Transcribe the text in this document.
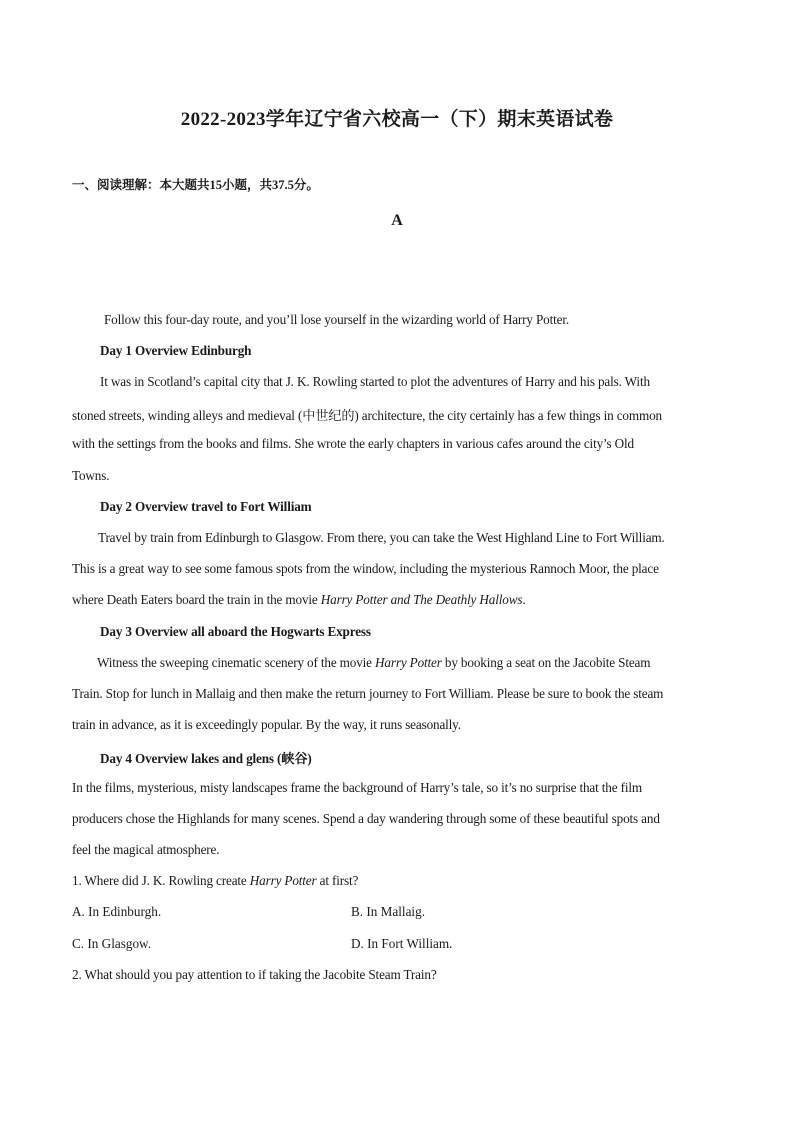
2022-2023学年辽宁省六校高一（下）期末英语试卷
一、阅读理解：本大题共15小题，共37.5分。
A
Follow this four-day route, and you’ll lose yourself in the wizarding world of Harry Potter.
Day 1 Overview Edinburgh
It was in Scotland’s capital city that J. K. Rowling started to plot the adventures of Harry and his pals. With
stoned streets, winding alleys and medieval (中世纪的) architecture, the city certainly has a few things in common
with the settings from the books and films. She wrote the early chapters in various cafes around the city’s Old
Towns.
Day 2 Overview travel to Fort William
Travel by train from Edinburgh to Glasgow. From there, you can take the West Highland Line to Fort William.
This is a great way to see some famous spots from the window, including the mysterious Rannoch Moor, the place
where Death Eaters board the train in the movie Harry Potter and The Deathly Hallows.
Day 3 Overview all aboard the Hogwarts Express
Witness the sweeping cinematic scenery of the movie Harry Potter by booking a seat on the Jacobite Steam
Train. Stop for lunch in Mallaig and then make the return journey to Fort William. Please be sure to book the steam
train in advance, as it is exceedingly popular. By the way, it runs seasonally.
Day 4 Overview lakes and glens (峡谷)
In the films, mysterious, misty landscapes frame the background of Harry’s tale, so it’s no surprise that the film
producers chose the Highlands for many scenes. Spend a day wandering through some of these beautiful spots and
feel the magical atmosphere.
1. Where did J. K. Rowling create Harry Potter at first?
A. In Edinburgh.	B. In Mallaig.
C. In Glasgow.	D. In Fort William.
2. What should you pay attention to if taking the Jacobite Steam Train?
